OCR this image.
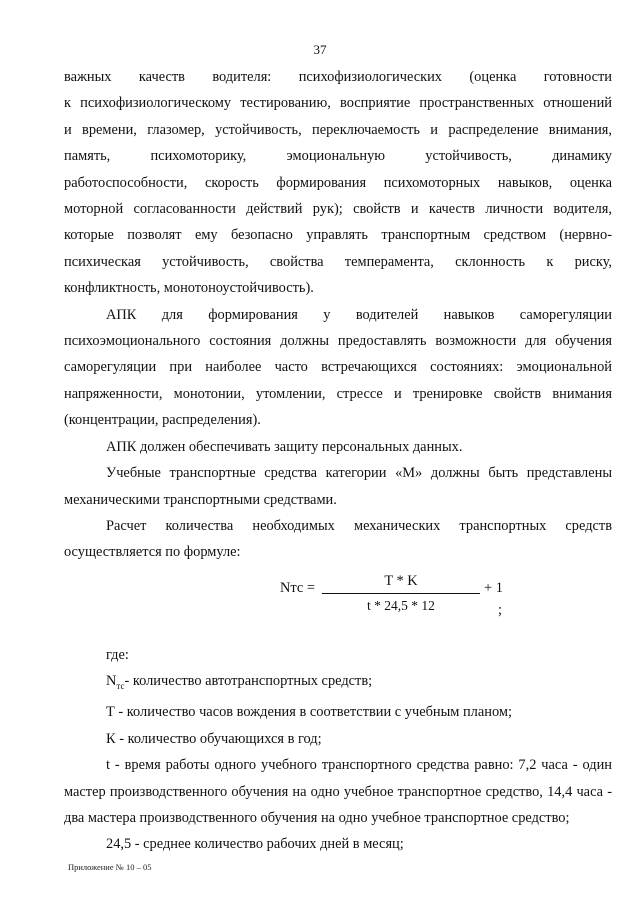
37

важных качеств водителя: психофизиологических (оценка готовности

к психофизиологическому тестированию, восприятие пространственных отношений

и времени, глазомер, устойчивость, переключаемость и распределение внимания,

память, психомоторику, эмоциональную устойчивость, динамику

работоспособности, скорость формирования психомоторных навыков, оценка

моторной согласованности действий рук); свойств и качеств личности водителя,

которые позволят ему безопасно управлять транспортным средством (нервно-

психическая устойчивость, свойства темперамента, склонность к риску,

конфликтность, монотоноустойчивость).

АПК для формирования у водителей навыков саморегуляции психоэмоционального состояния должны предоставлять возможности для обучения саморегуляции при наиболее часто встречающихся состояниях: эмоциональной напряженности, монотонии, утомлении, стрессе и тренировке свойств внимания (концентрации, распределения).

АПК должен обеспечивать защиту персональных данных.

Учебные транспортные средства категории «М» должны быть представлены механическими транспортными средствами.

Расчет количества необходимых механических транспортных средств осуществляется по формуле:

Nтс =	T * K
t * 24,5 * 12
+ 1
;

где:

$N_{тс}-$ количество автотранспортных средств;

Т - количество часов вождения в соответствии с учебным планом;

К - количество обучающихся в год;

t - время работы одного учебного транспортного средства равно: 7,2 часа - один мастер производственного обучения на одно учебное транспортное средство, 14,4 часа - два мастера производственного обучения на одно учебное транспортное средство;

24,5 - среднее количество рабочих дней в месяц;

Приложение № 10 – 05
